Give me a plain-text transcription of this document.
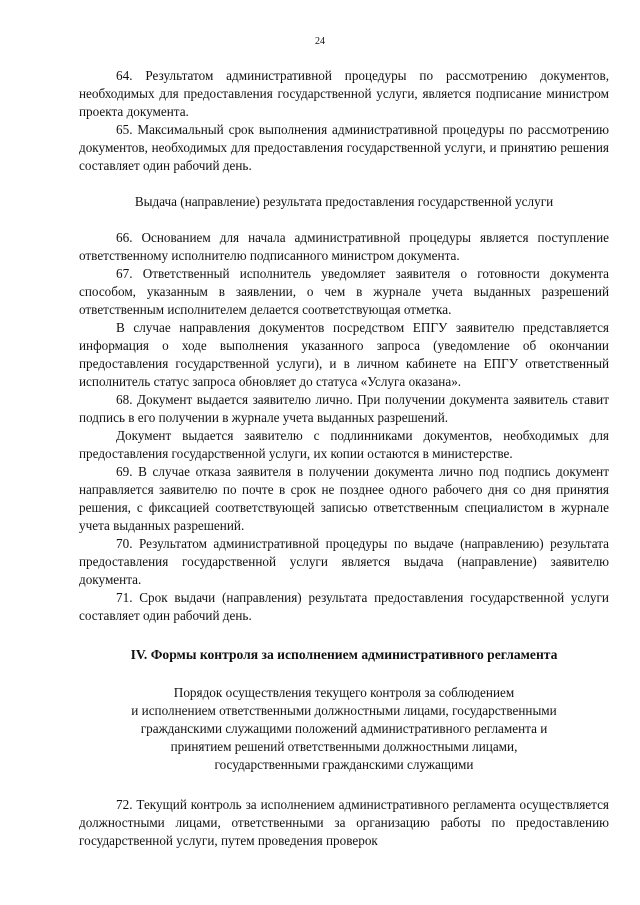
24

64. Результатом административной процедуры по рассмотрению документов, необходимых для предоставления государственной услуги, является подписание министром проекта документа.

65. Максимальный срок выполнения административной процедуры по рассмотрению документов, необходимых для предоставления государственной услуги, и принятию решения составляет один рабочий день.

Выдача (направление) результата предоставления государственной услуги

66. Основанием для начала административной процедуры является поступление ответственному исполнителю подписанного министром документа.

67. Ответственный исполнитель уведомляет заявителя о готовности документа способом, указанным в заявлении, о чем в журнале учета выданных разрешений ответственным исполнителем делается соответствующая отметка.

В случае направления документов посредством ЕПГУ заявителю представляется информация о ходе выполнения указанного запроса (уведомление об окончании предоставления государственной услуги), и в личном кабинете на ЕПГУ ответственный исполнитель статус запроса обновляет до статуса «Услуга оказана».

68. Документ выдается заявителю лично. При получении документа заявитель ставит подпись в его получении в журнале учета выданных разрешений.

Документ выдается заявителю с подлинниками документов, необходимых для предоставления государственной услуги, их копии остаются в министерстве.

69. В случае отказа заявителя в получении документа лично под подпись документ направляется заявителю по почте в срок не позднее одного рабочего дня со дня принятия решения, с фиксацией соответствующей записью ответственным специалистом в журнале учета выданных разрешений.

70. Результатом административной процедуры по выдаче (направлению) результата предоставления государственной услуги является выдача (направление) заявителю документа.

71. Срок выдачи (направления) результата предоставления государственной услуги составляет один рабочий день.

IV. Формы контроля за исполнением административного регламента

Порядок осуществления текущего контроля за соблюдением

и исполнением ответственными должностными лицами, государственными

гражданскими служащими положений административного регламента и

принятием решений ответственными должностными лицами,

государственными гражданскими служащими

72. Текущий контроль за исполнением административного регламента осуществляется должностными лицами, ответственными за организацию работы по предоставлению государственной услуги, путем проведения проверок
